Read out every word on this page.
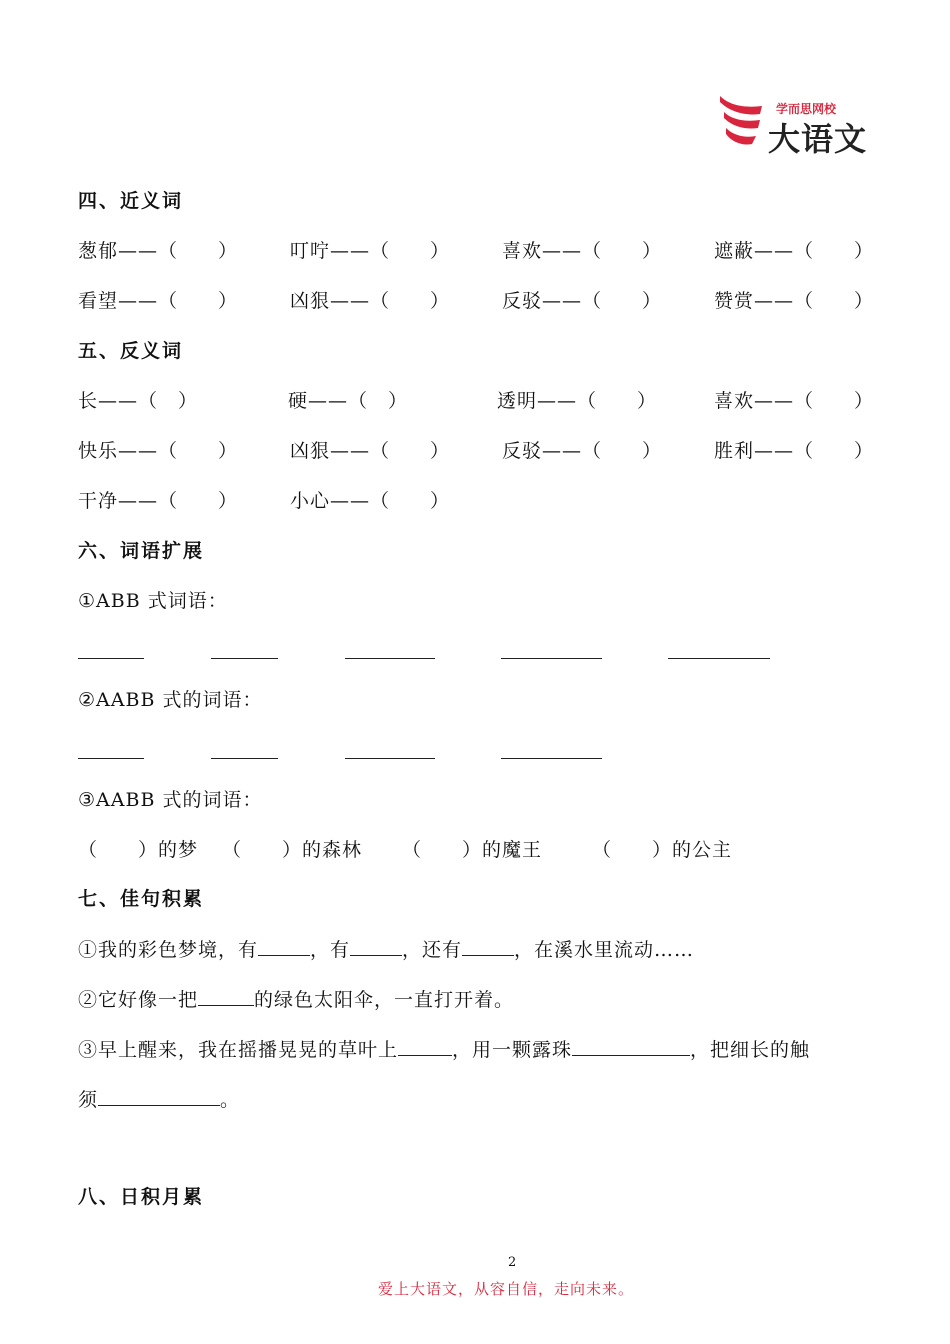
学而思网校
大语文
四、近义词
葱郁——（　　）	叮咛——（　　）	喜欢——（　　）	遮蔽——（　　）
看望——（　　）	凶狠——（　　）	反驳——（　　）	赞赏——（　　）
五、反义词
长——（　）	硬——（　）	透明——（　　）	喜欢——（　　）
快乐——（　　）	凶狠——（　　）	反驳——（　　）	胜利——（　　）
干净——（　　）	小心——（　　）
六、词语扩展
①ABB 式词语：
②AABB 式的词语：
③AABB 式的词语：
（　　）的梦 （　　）的森林 （　　）的魔王	（　　）的公主
七、佳句积累
①我的彩色梦境，有	，有	，还有	，在溪水里流动……
②它好像一把	的绿色太阳伞，一直打开着。
③早上醒来，我在摇播晃晃的草叶上	，用一颗露珠	，把细长的触
须	。
八、日积月累
2
爱上大语文，从容自信，走向未来。
